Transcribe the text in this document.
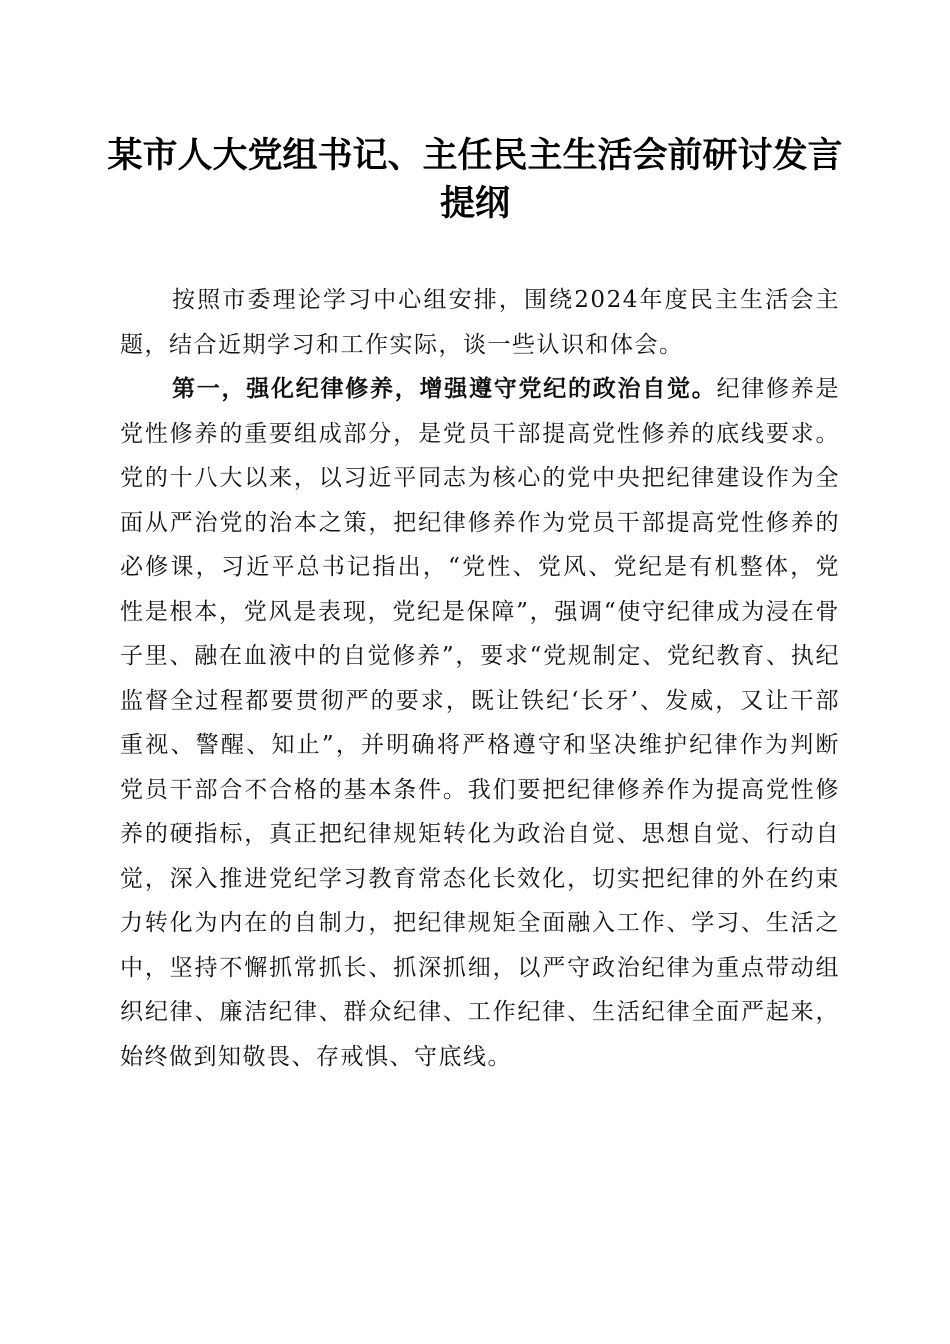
某市人大党组书记、主任民主生活会前研讨发言提纲

按照市委理论学习中心组安排，围绕2024年度民主生活会主题，结合近期学习和工作实际，谈一些认识和体会。

第一，强化纪律修养，增强遵守党纪的政治自觉。纪律修养是党性修养的重要组成部分，是党员干部提高党性修养的底线要求。党的十八大以来，以习近平同志为核心的党中央把纪律建设作为全面从严治党的治本之策，把纪律修养作为党员干部提高党性修养的必修课，习近平总书记指出，“党性、党风、党纪是有机整体，党性是根本，党风是表现，党纪是保障”，强调“使守纪律成为浸在骨子里、融在血液中的自觉修养”，要求“党规制定、党纪教育、执纪监督全过程都要贯彻严的要求，既让铁纪‘长牙’、发威，又让干部重视、警醒、知止”，并明确将严格遵守和坚决维护纪律作为判断党员干部合不合格的基本条件。我们要把纪律修养作为提高党性修养的硬指标，真正把纪律规矩转化为政治自觉、思想自觉、行动自觉，深入推进党纪学习教育常态化长效化，切实把纪律的外在约束力转化为内在的自制力，把纪律规矩全面融入工作、学习、生活之中，坚持不懈抓常抓长、抓深抓细，以严守政治纪律为重点带动组织纪律、廉洁纪律、群众纪律、工作纪律、生活纪律全面严起来，始终做到知敬畏、存戒惧、守底线。
